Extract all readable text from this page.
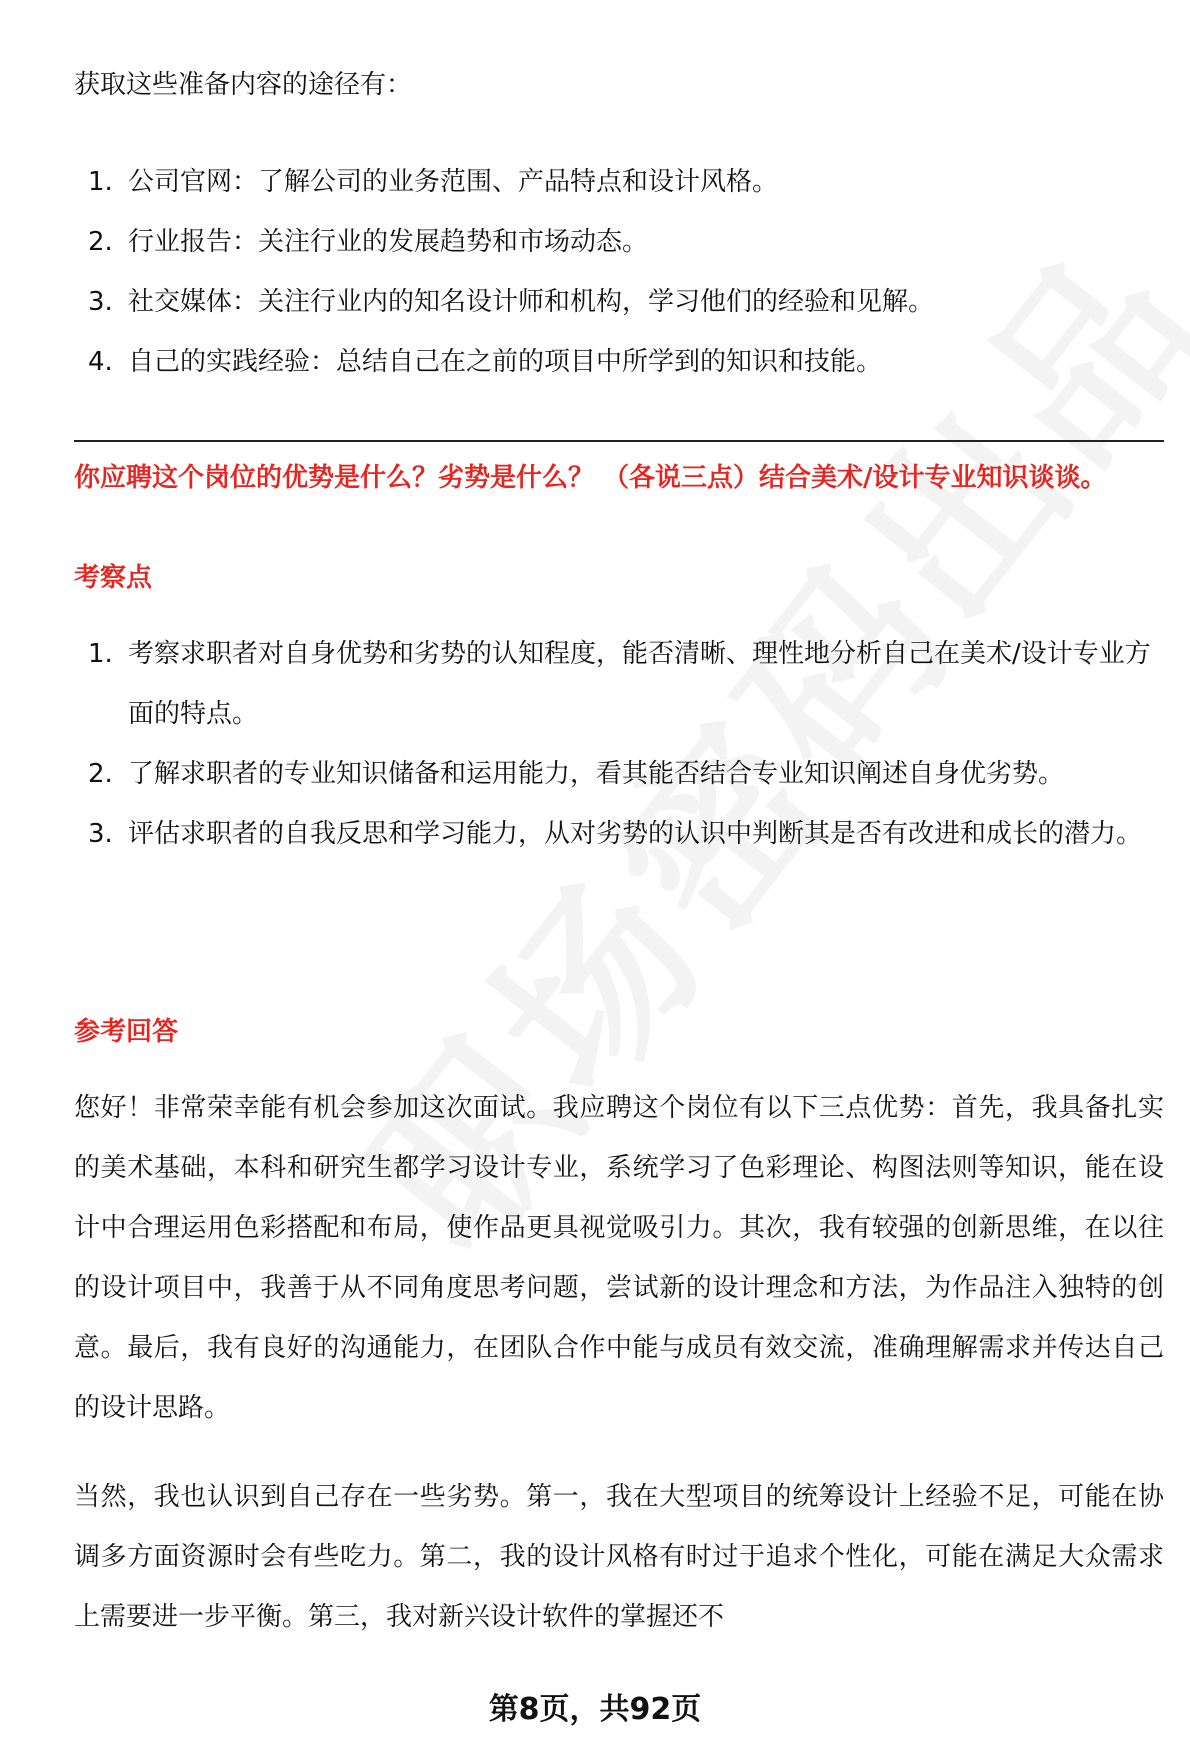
获取这些准备内容的途径有：

1. 公司官网：了解公司的业务范围、产品特点和设计风格。
2. 行业报告：关注行业的发展趋势和市场动态。
3. 社交媒体：关注行业内的知名设计师和机构，学习他们的经验和见解。
4. 自己的实践经验：总结自己在之前的项目中所学到的知识和技能。
你应聘这个岗位的优势是什么？劣势是什么？ （各说三点）结合美术/设计专业知识谈谈。
考察点
1. 考察求职者对自身优势和劣势的认知程度，能否清晰、理性地分析自己在美术/设计专业方面的特点。
2. 了解求职者的专业知识储备和运用能力，看其能否结合专业知识阐述自身优劣势。
3. 评估求职者的自我反思和学习能力，从对劣势的认识中判断其是否有改进和成长的潜力。
参考回答

您好！非常荣幸能有机会参加这次面试。我应聘这个岗位有以下三点优势：首先，我具备扎实的美术基础，本科和研究生都学习设计专业，系统学习了色彩理论、构图法则等知识，能在设计中合理运用色彩搭配和布局，使作品更具视觉吸引力。其次，我有较强的创新思维，在以往的设计项目中，我善于从不同角度思考问题，尝试新的设计理念和方法，为作品注入独特的创意。最后，我有良好的沟通能力，在团队合作中能与成员有效交流，准确理解需求并传达自己的设计思路。

当然，我也认识到自己存在一些劣势。第一，我在大型项目的统筹设计上经验不足，可能在协调多方面资源时会有些吃力。第二，我的设计风格有时过于追求个性化，可能在满足大众需求上需要进一步平衡。第三，我对新兴设计软件的掌握还不

第8页，共92页
